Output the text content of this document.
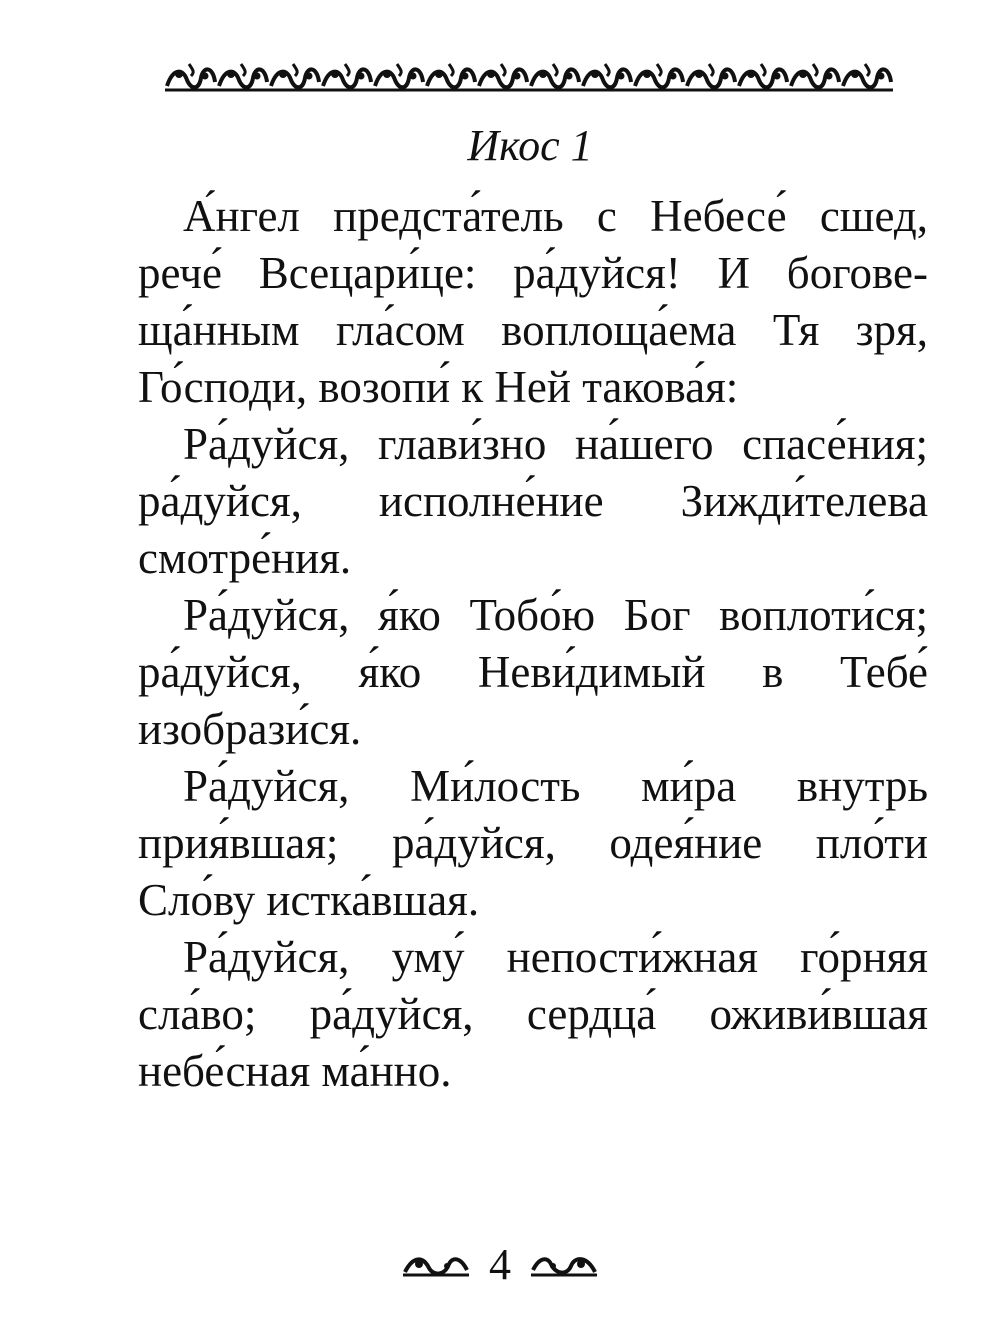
Икос 1

А́нгел предста́тель с Небесе́ сшед, рече́ Всецари́це: ра́дуйся! И боговеща́нным гла́сом воплоща́ема Тя зря, Го́споди, возопи́ к Ней такова́я:

Ра́дуйся, глави́зно на́шего спасе́ния; ра́дуйся, исполне́ние Зижди́телева смотре́ния.

Ра́дуйся, я́ко Тобо́ю Бог воплоти́ся; ра́дуйся, я́ко Неви́димый в Тебе́ изобрази́ся.

Ра́дуйся, Ми́лость ми́ра внутрь прия́вшая; ра́дуйся, одея́ние пло́ти Сло́ву истка́вшая.

Ра́дуйся, уму́ непости́жная го́рняя сла́во; ра́дуйся, сердца́ оживи́вшая небе́сная ма́нно.

4
